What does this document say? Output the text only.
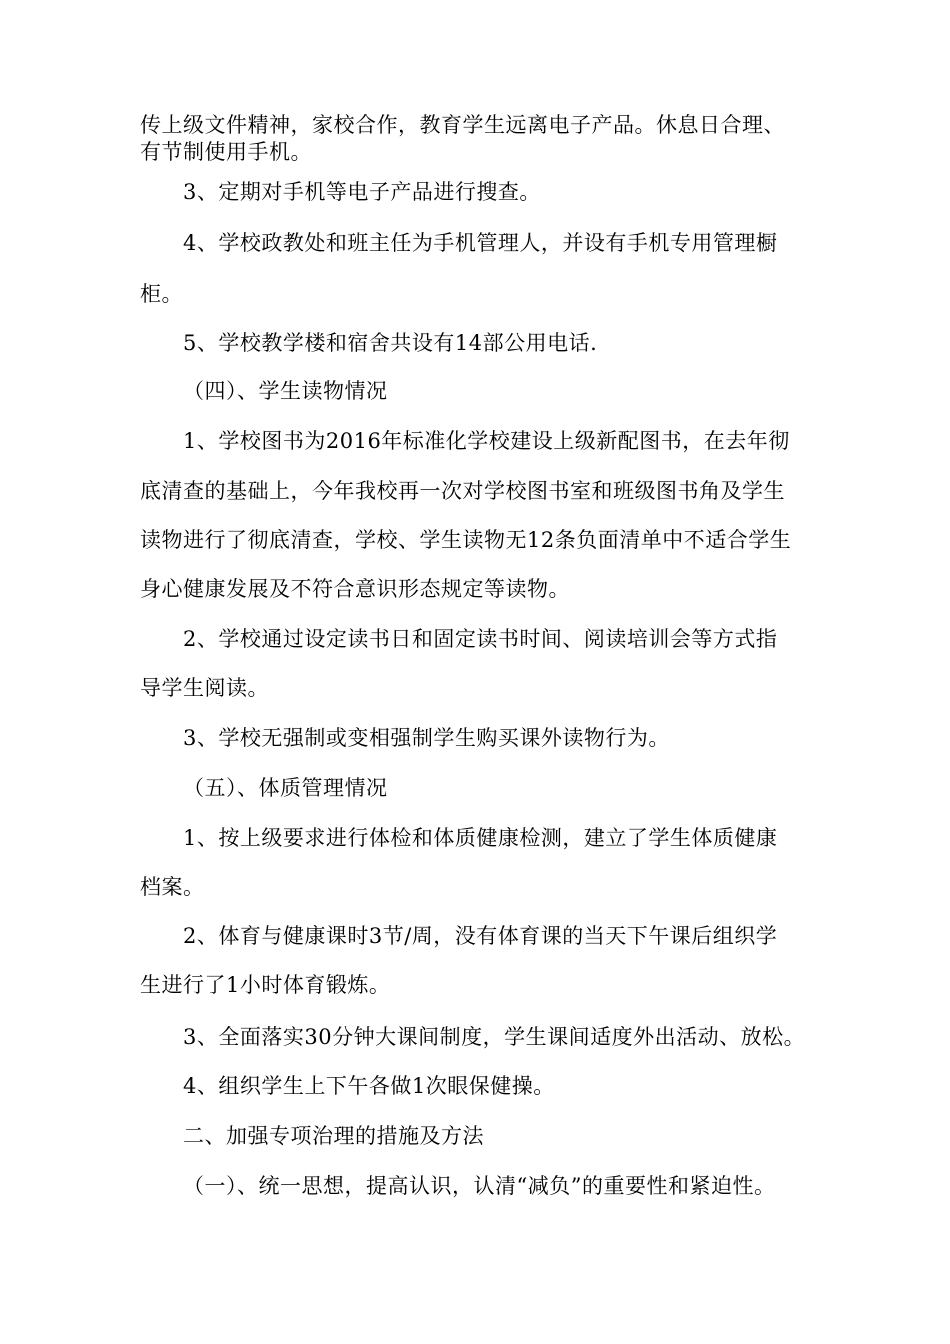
传上级文件精神，家校合作，教育学生远离电子产品。休息日合理、
有节制使用手机。
3、定期对手机等电子产品进行搜查。
4、学校政教处和班主任为手机管理人，并设有手机专用管理橱
柜。
5、学校教学楼和宿舍共设有14部公用电话.
（四）、学生读物情况
1、学校图书为2016年标准化学校建设上级新配图书，在去年彻
底清查的基础上，今年我校再一次对学校图书室和班级图书角及学生
读物进行了彻底清查，学校、学生读物无12条负面清单中不适合学生
身心健康发展及不符合意识形态规定等读物。
2、学校通过设定读书日和固定读书时间、阅读培训会等方式指
导学生阅读。
3、学校无强制或变相强制学生购买课外读物行为。
（五）、体质管理情况
1、按上级要求进行体检和体质健康检测，建立了学生体质健康
档案。
2、体育与健康课时3节/周，没有体育课的当天下午课后组织学
生进行了1小时体育锻炼。
3、全面落实30分钟大课间制度，学生课间适度外出活动、放松。
4、组织学生上下午各做1次眼保健操。
二、加强专项治理的措施及方法
（一）、统一思想，提高认识，认清“减负”的重要性和紧迫性。
